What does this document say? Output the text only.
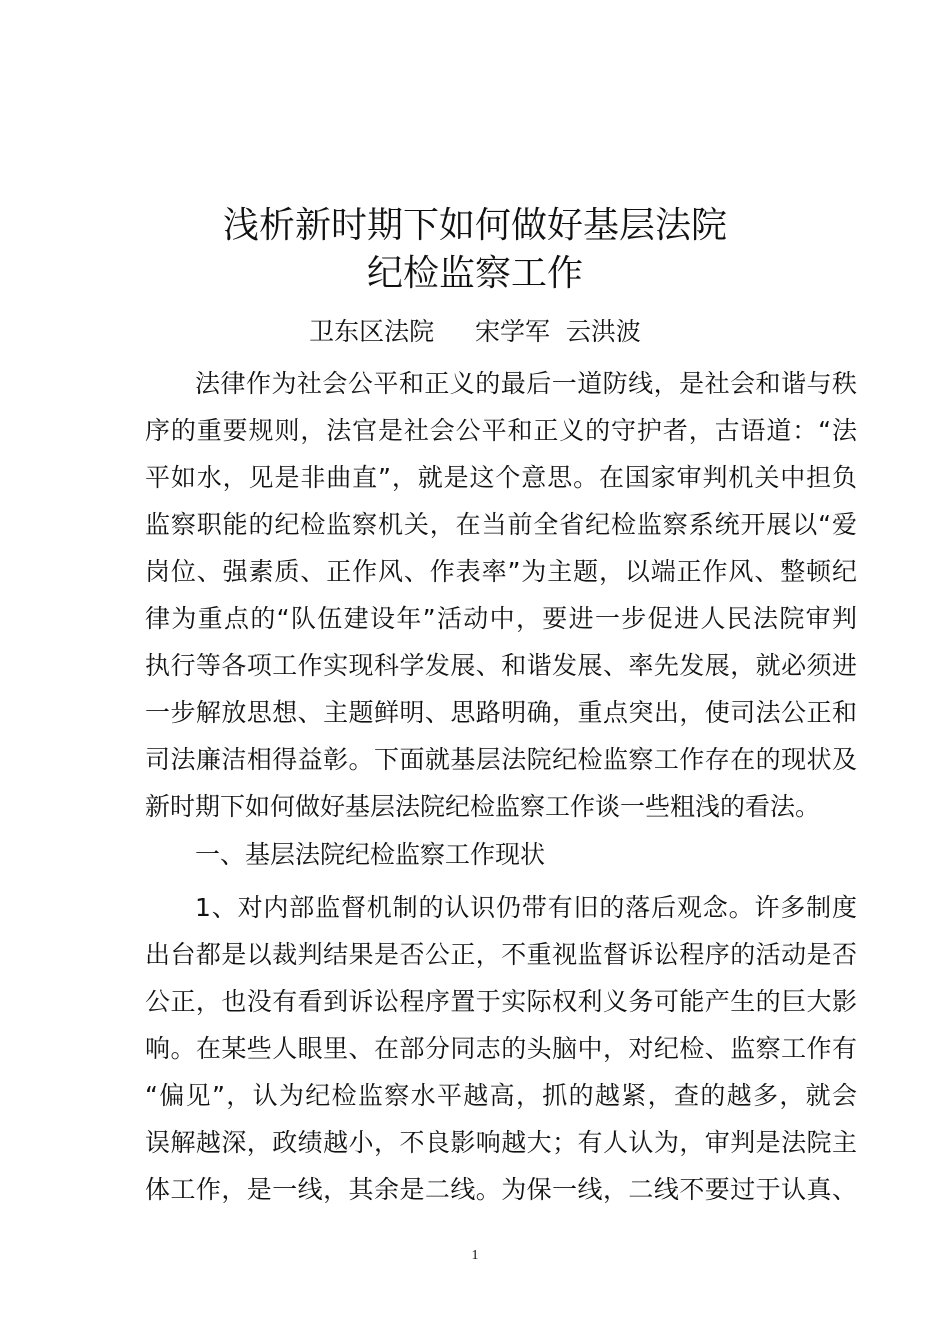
浅析新时期下如何做好基层法院
纪检监察工作
卫东区法院　  宋学军  云洪波

法律作为社会公平和正义的最后一道防线，是社会和谐与秩

序的重要规则，法官是社会公平和正义的守护者，古语道：“法

平如水，见是非曲直”，就是这个意思。在国家审判机关中担负

监察职能的纪检监察机关，在当前全省纪检监察系统开展以“爱

岗位、强素质、正作风、作表率”为主题，以端正作风、整顿纪

律为重点的“队伍建设年”活动中，要进一步促进人民法院审判

执行等各项工作实现科学发展、和谐发展、率先发展，就必须进

一步解放思想、主题鲜明、思路明确，重点突出，使司法公正和

司法廉洁相得益彰。下面就基层法院纪检监察工作存在的现状及

新时期下如何做好基层法院纪检监察工作谈一些粗浅的看法。

一、基层法院纪检监察工作现状

1、对内部监督机制的认识仍带有旧的落后观念。许多制度

出台都是以裁判结果是否公正，不重视监督诉讼程序的活动是否

公正，也没有看到诉讼程序置于实际权利义务可能产生的巨大影

响。在某些人眼里、在部分同志的头脑中，对纪检、监察工作有

“偏见”，认为纪检监察水平越高，抓的越紧，查的越多，就会

误解越深，政绩越小，不良影响越大；有人认为，审判是法院主

体工作，是一线，其余是二线。为保一线，二线不要过于认真、

1
